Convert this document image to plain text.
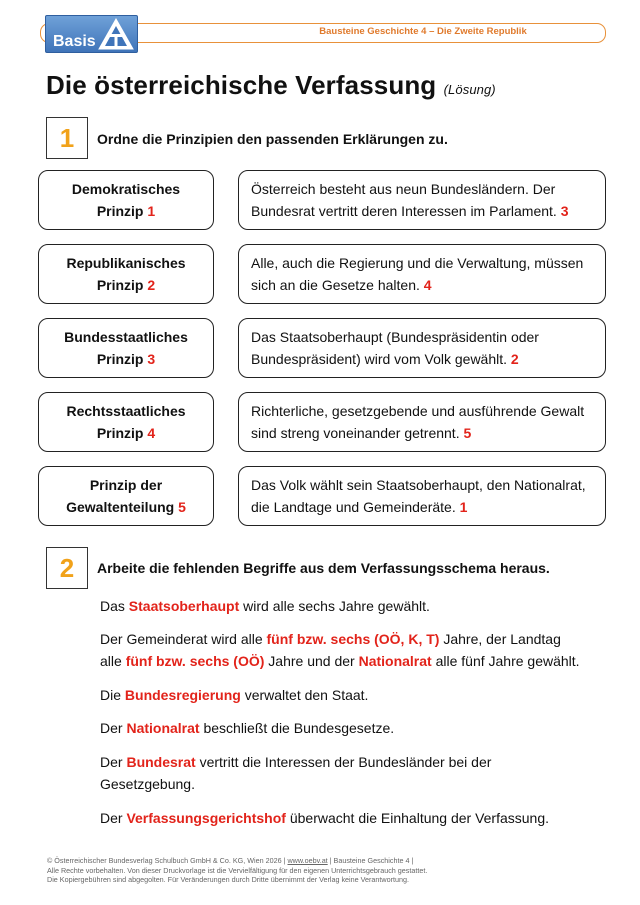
Bausteine Geschichte 4 – Die Zweite Republik
Basis
Die österreichische Verfassung (Lösung)
1	Ordne die Prinzipien den passenden Erklärungen zu.
Demokratisches
Prinzip 1
Republikanisches
Prinzip 2
Bundesstaatliches
Prinzip 3
Rechtsstaatliches
Prinzip 4
Prinzip der
Gewaltenteilung 5
Österreich besteht aus neun Bundesländern. Der
Bundesrat vertritt deren Interessen im Parlament. 3
Alle, auch die Regierung und die Verwaltung, müssen
sich an die Gesetze halten. 4
Das Staatsoberhaupt (Bundespräsidentin oder
Bundespräsident) wird vom Volk gewählt. 2
Richterliche, gesetzgebende und ausführende Gewalt
sind streng voneinander getrennt. 5
Das Volk wählt sein Staatsoberhaupt, den Nationalrat,
die Landtage und Gemeinderäte. 1
2	Arbeite die fehlenden Begriffe aus dem Verfassungsschema heraus.
Das Staatsoberhaupt wird alle sechs Jahre gewählt.
Der Gemeinderat wird alle fünf bzw. sechs (OÖ, K, T) Jahre, der Landtag
alle fünf bzw. sechs (OÖ) Jahre und der Nationalrat alle fünf Jahre gewählt.
Die Bundesregierung verwaltet den Staat.
Der Nationalrat beschließt die Bundesgesetze.
Der Bundesrat vertritt die Interessen der Bundesländer bei der
Gesetzgebung.
Der Verfassungsgerichtshof überwacht die Einhaltung der Verfassung.
© Österreichischer Bundesverlag Schulbuch GmbH & Co. KG, Wien 2026 | www.oebv.at | Bausteine Geschichte 4 |
Alle Rechte vorbehalten. Von dieser Druckvorlage ist die Vervielfältigung für den eigenen Unterrichtsgebrauch gestattet.
Die Kopiergebühren sind abgegolten. Für Veränderungen durch Dritte übernimmt der Verlag keine Verantwortung.
